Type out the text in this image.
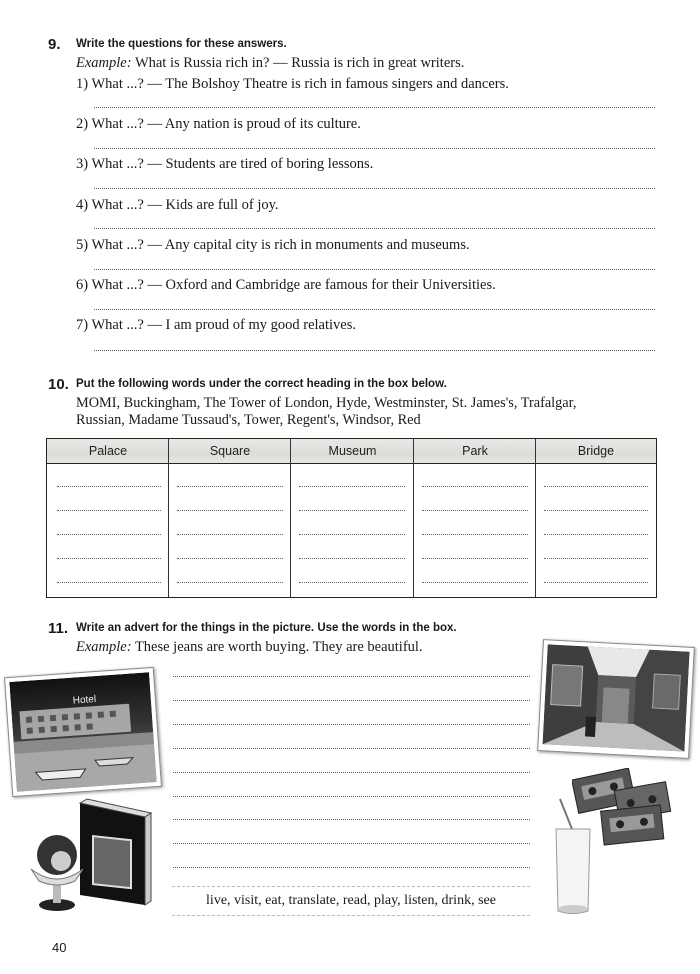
9. Write the questions for these answers.
Example: What is Russia rich in? — Russia is rich in great writers.
1) What ...? — The Bolshoy Theatre is rich in famous singers and dancers.
2) What ...? — Any nation is proud of its culture.
3) What ...? — Students are tired of boring lessons.
4) What ...? — Kids are full of joy.
5) What ...? — Any capital city is rich in monuments and museums.
6) What ...? — Oxford and Cambridge are famous for their Universities.
7) What ...? — I am proud of my good relatives.
10. Put the following words under the correct heading in the box below.
MOMI, Buckingham, The Tower of London, Hyde, Westminster, St. James's, Trafalgar,
Russian, Madame Tussaud's, Tower, Regent's, Windsor, Red
Palace	Square	Museum	Park	Bridge
11. Write an advert for the things in the picture. Use the words in the box.
Example: These jeans are worth buying. They are beautiful.
Hotel
live, visit, eat, translate, read, play, listen, drink, see
40
